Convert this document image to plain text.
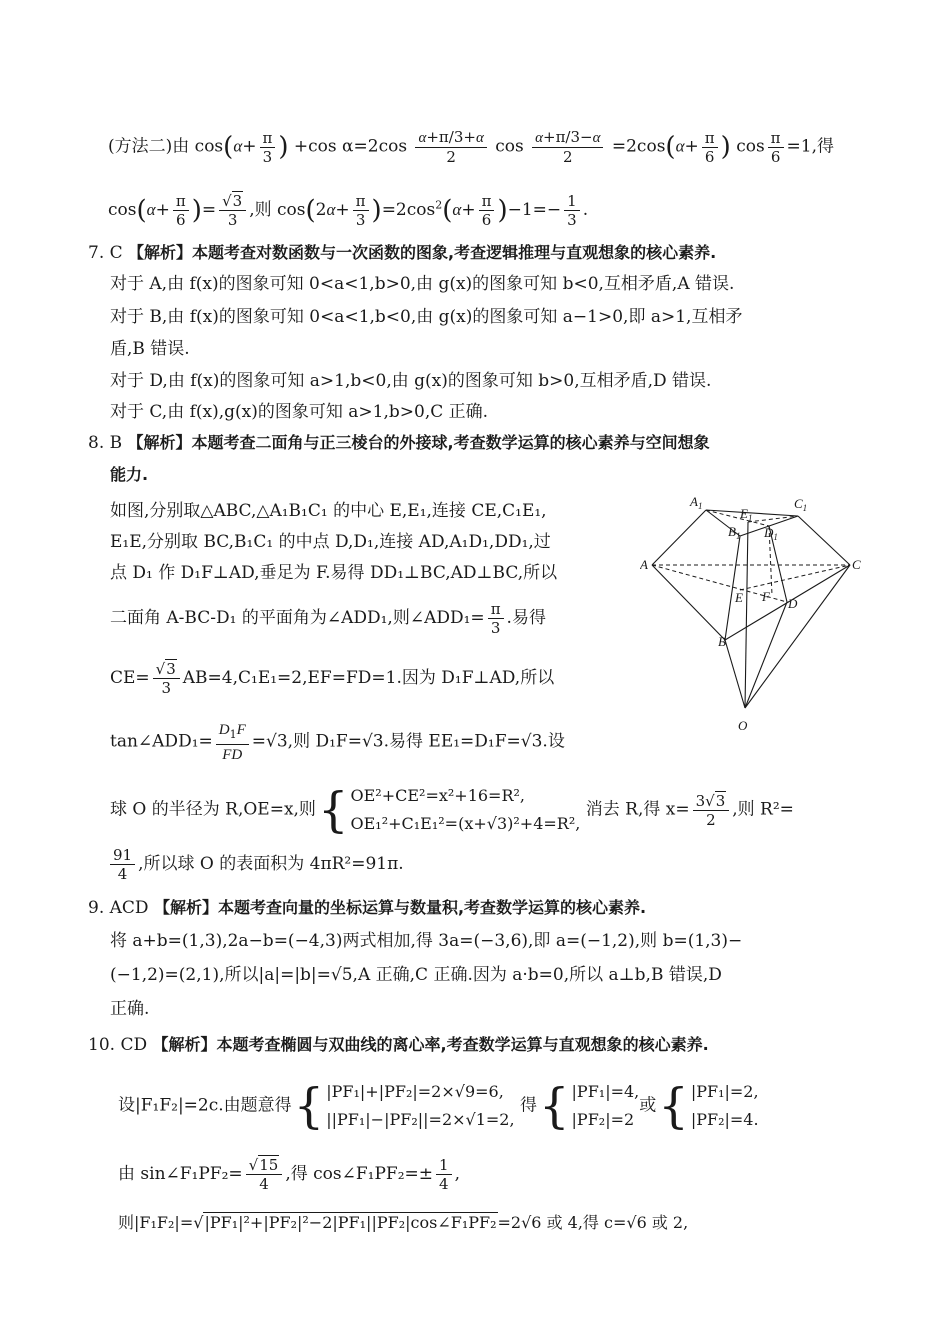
(方法二)由 $\cos(\alpha+ \frac{\pi}{3}$ ) +cos $\alpha=2\cos \frac{\alpha+\pi/3+\alpha}{2}$ $\cos \frac{\alpha+\pi/3-\alpha}{2} =2\cos(\alpha+ \frac{\pi}{6}$ ) $\cos \frac{\pi}{6} =1$,得
$\cos(\alpha+ \frac{\pi}{6}$ )= $\frac{√3}{3}$ ,则 $\cos(2\alpha+ \frac{\pi}{3} )=2\cos^2(\alpha+ \frac{\pi}{6} )-1=- \frac{1}{3}$ .
7. C 【解析】本题考查对数函数与一次函数的图象,考查逻辑推理与直观想象的核心素养.
对于 A,由 f(x)的图象可知 0<a<1,b>0,由 g(x)的图象可知 b<0,互相矛盾,A 错误.
对于 B,由 f(x)的图象可知 0<a<1,b<0,由 g(x)的图象可知 a−1>0,即 a>1,互相矛
盾,B 错误.
对于 D,由 f(x)的图象可知 a>1,b<0,由 g(x)的图象可知 b>0,互相矛盾,D 错误.
对于 C,由 f(x),g(x)的图象可知 a>1,b>0,C 正确.
8. B 【解析】本题考查二面角与正三棱台的外接球,考查数学运算的核心素养与空间想象
能力.
如图,分别取△ABC,△A₁B₁C₁ 的中心 E,E₁,连接 CE,C₁E₁,
E₁E,分别取 BC,B₁C₁ 的中点 D,D₁,连接 AD,A₁D₁,DD₁,过
点 D₁ 作 D₁F⊥AD,垂足为 F.易得 DD₁⊥BC,AD⊥BC,所以
二面角 A-BC-D₁ 的平面角为∠ADD₁,则∠ADD₁= $\frac{\pi}{3}$ .易得
$CE= \frac{√3}{3} AB=4,C_1E_1=2,EF=FD=1$.因为 D₁F⊥AD,所以
tan∠ADD₁= $\frac{D_1F}{FD} =√3$,则 D₁F=√3.易得 EE₁=D₁F=√3.设
球 O 的半径为 R,OE=x,则{ OE²+CE²=x²+16=R²,
OE₁²+C₁E₁²=(x+√3)²+4=R²,
消去 R,得 $x= \frac{3√3}{2}$ ,则 R²=
$\frac{91}{4}$ ,所以球 O 的表面积为 4πR²=91π.
$A_1$	$E_1$
$C_1$
$B_1$ $D_1$
A	C
E F D
B
O
9. ACD 【解析】本题考查向量的坐标运算与数量积,考查数学运算的核心素养.
将 a+b=(1,3),2a−b=(−4,3)两式相加,得 3a=(−3,6),即 a=(−1,2),则 b=(1,3)−
(−1,2)=(2,1),所以|a|=|b|=√5,A 正确,C 正确.因为 a·b=0,所以 a⊥b,B 错误,D
正确.
10. CD 【解析】本题考查椭圆与双曲线的离心率,考查数学运算与直观想象的核心素养.
设|F₁F₂|=2c.由题意得{ |PF₁|+|PF₂|=2×√9=6,
||PF₁|−|PF₂||=2×√1=2,
得{ |PF₁|=4,
|PF₂|=2
或{ |PF₁|=2,
|PF₂|=4.
由 sin∠F₁PF₂= $\frac{√15}{4}$ ,得 cos∠F₁PF₂=± $\frac{1}{4}$ ,
则|F₁F₂|=√|PF₁|²+|PF₂|²−2|PF₁||PF₂|cos∠F₁PF₂=2√6 或 4,得 c=√6 或 2,
